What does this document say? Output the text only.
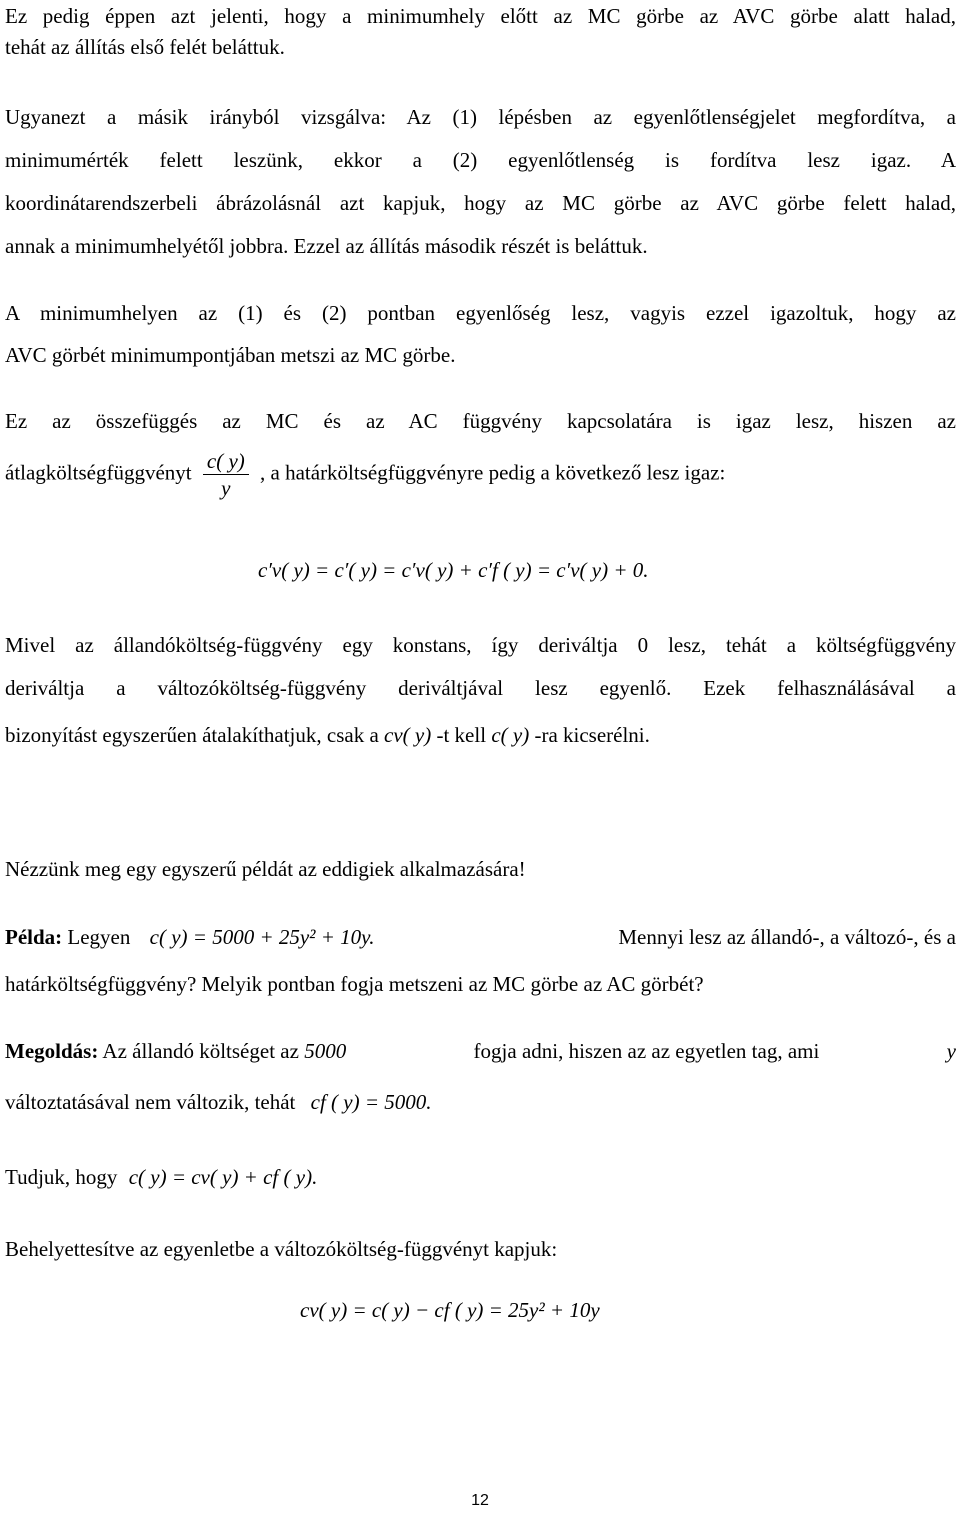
Ez pedig éppen azt jelenti, hogy a minimumhely előtt az MC görbe az AVC görbe alatt halad,

tehát az állítás első felét beláttuk.

Ugyanezt a másik irányból vizsgálva: Az (1) lépésben az egyenlőtlenségjelet megfordítva, a

minimumérték felett leszünk, ekkor a (2) egyenlőtlenség is fordítva lesz igaz. A

koordinátarendszerbeli ábrázolásnál azt kapjuk, hogy az MC görbe az AVC görbe felett halad,

annak a minimumhelyétől jobbra. Ezzel az állítás második részét is beláttuk.

A minimumhelyen az (1) és (2) pontban egyenlőség lesz, vagyis ezzel igazoltuk, hogy az

AVC görbét minimumpontjában metszi az MC görbe.

Ez az összefüggés az MC és az AC függvény kapcsolatára is igaz lesz, hiszen az

átlagköltségfüggvényt $\frac{c( y)}{y}$ , a határköltségfüggvényre pedig a következő lesz igaz:
c′v( y) = c′( y) = c′v( y) + c′f ( y) = c′v( y) + 0.

Mivel az állandóköltség-függvény egy konstans, így deriváltja 0 lesz, tehát a költségfüggvény

deriváltja a változóköltség-függvény deriváltjával lesz egyenlő. Ezek felhasználásával a

bizonyítást egyszerűen átalakíthatjuk, csak a cv( y) -t kell c( y) -ra kicserélni.

Nézzünk meg egy egyszerű példát az eddigiek alkalmazására!

Példa: Legyen c( y) = 5000 + 25y² + 10y.	Mennyi lesz az állandó-, a változó-, és a

határköltségfüggvény? Melyik pontban fogja metszeni az MC görbe az AC görbét?

Megoldás: Az állandó költséget az 5000	fogja adni, hiszen az az egyetlen tag, ami	y
változtatásával nem változik, tehát cf ( y) = 5000.
Tudjuk, hogy c( y) = cv( y) + cf ( y).

Behelyettesítve az egyenletbe a változóköltség-függvényt kapjuk:

cv( y) = c( y) − cf ( y) = 25y² + 10y
12
